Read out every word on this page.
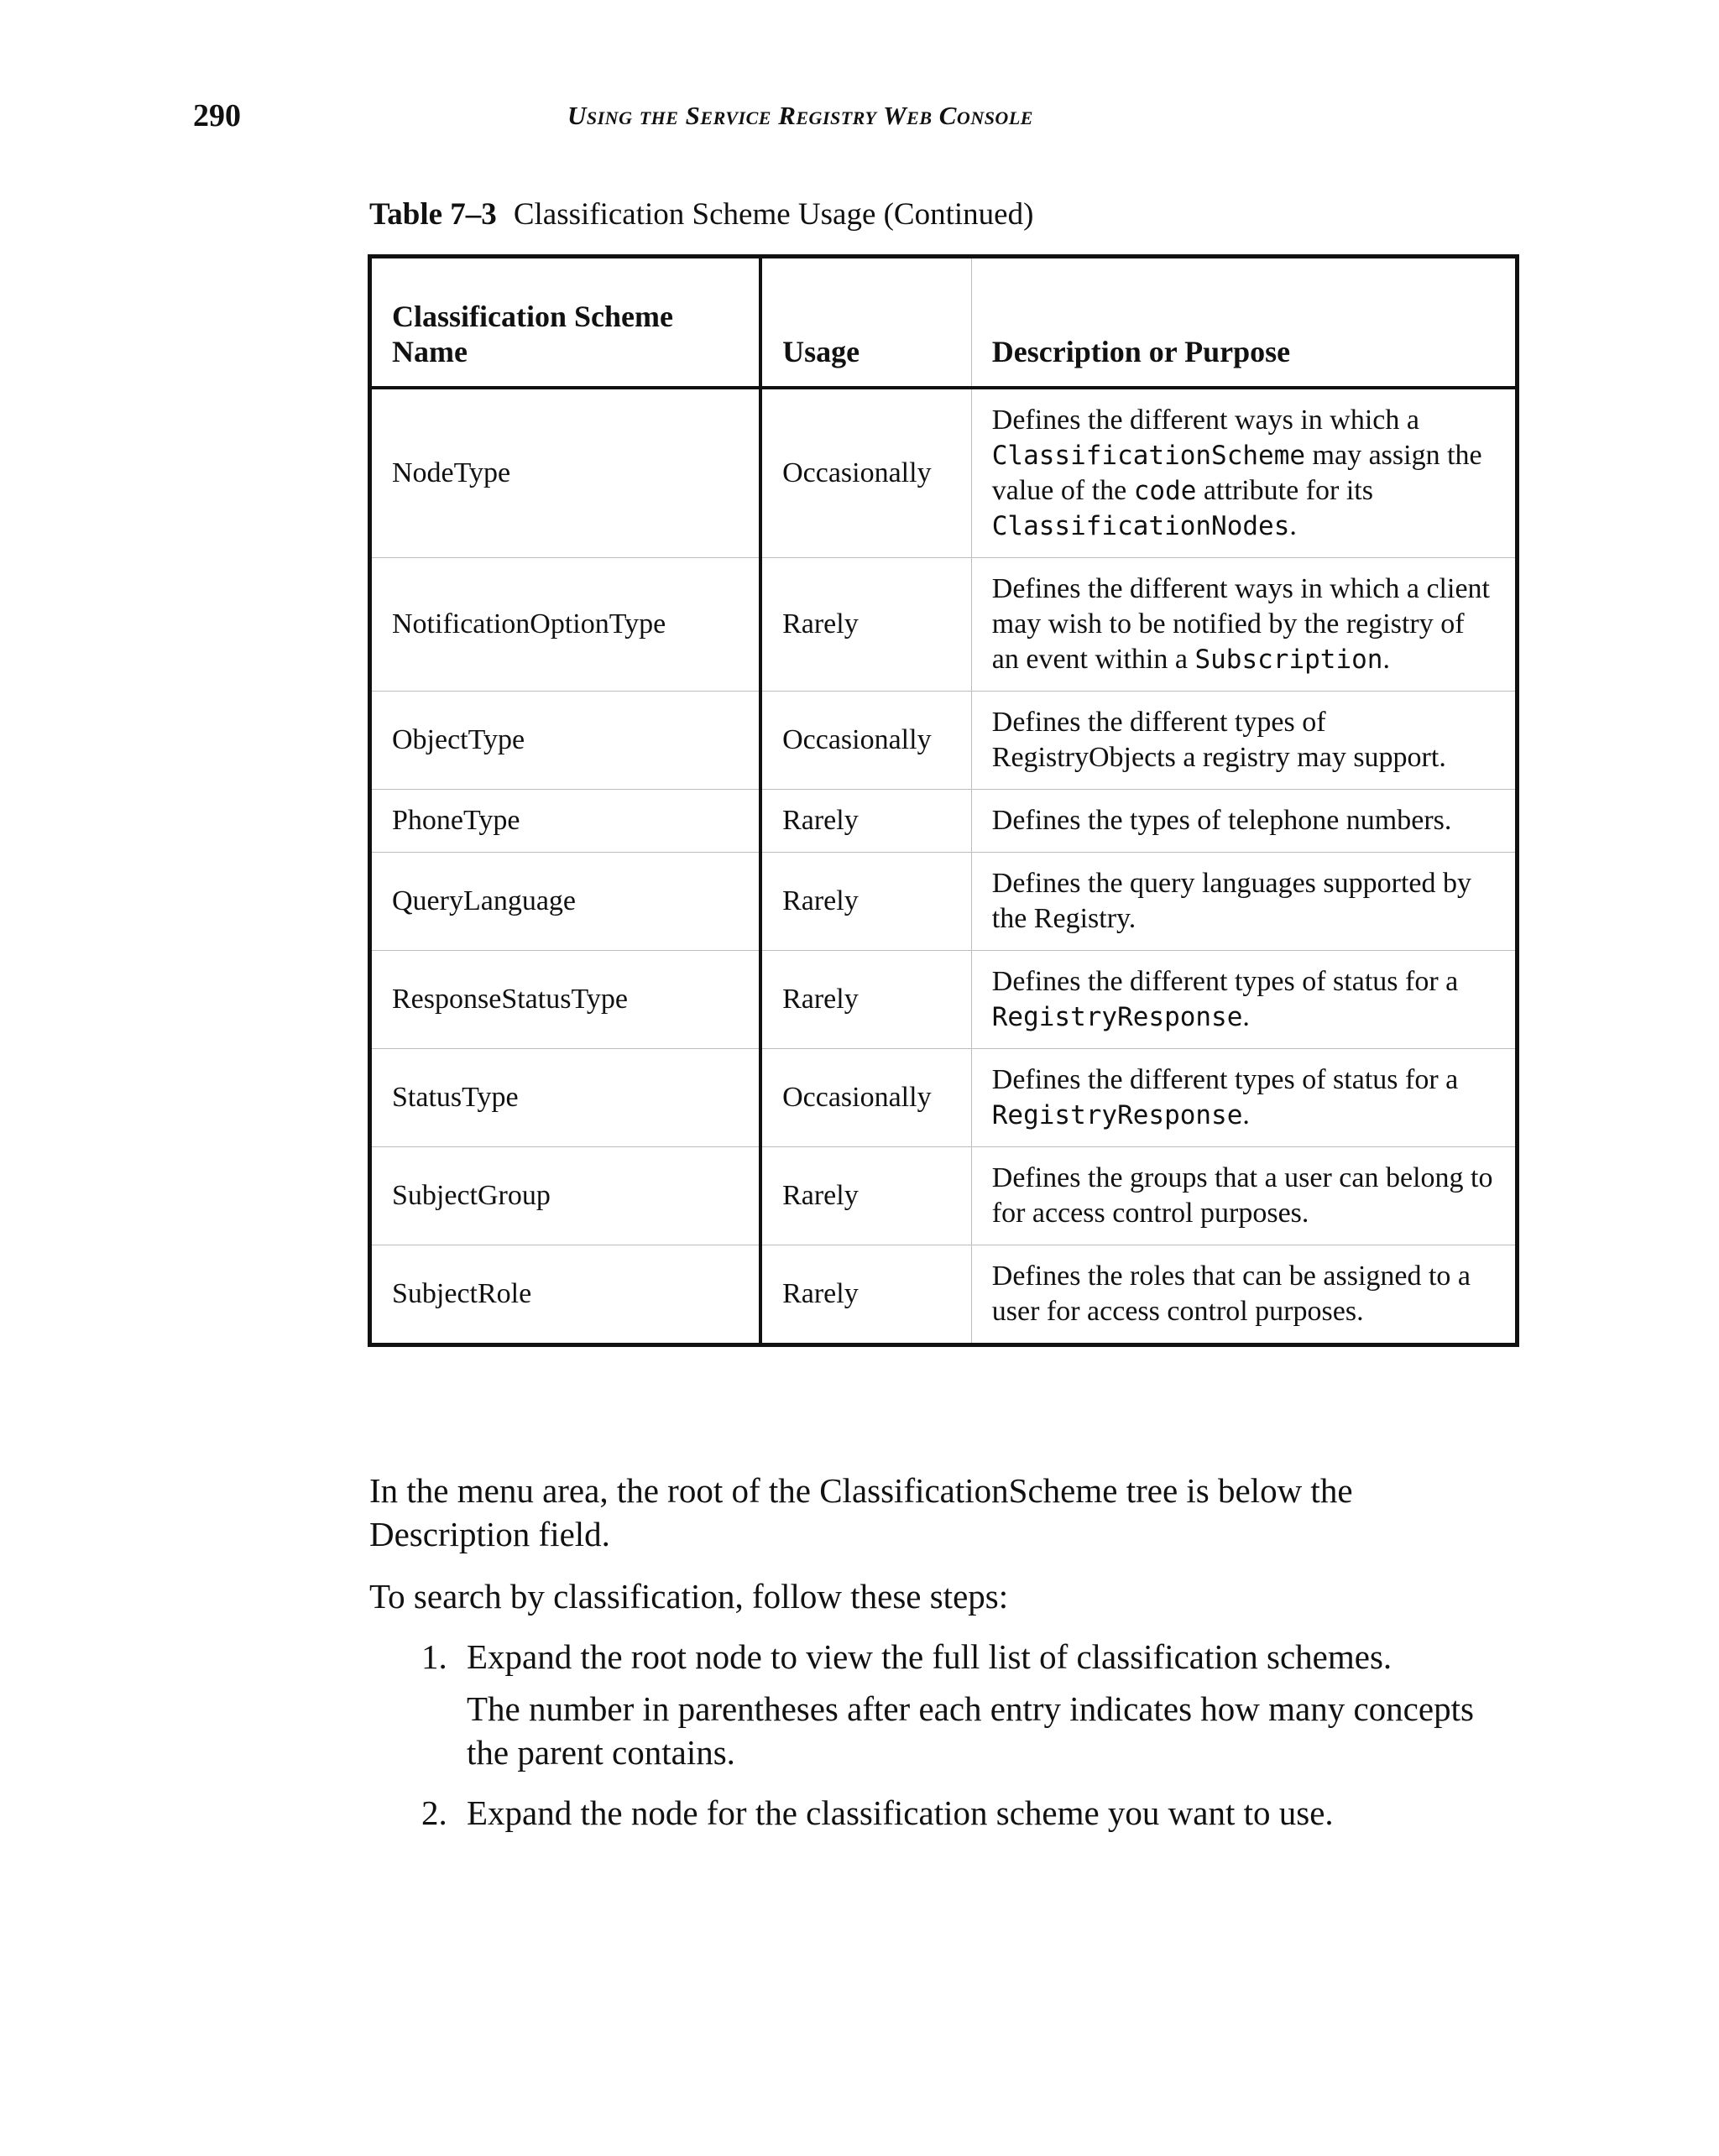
290	Using the Service Registry Web Console
Table 7–3 Classification Scheme Usage (Continued)
Classification Scheme Name	Usage	Description or Purpose
NodeType	Occasionally	Defines the different ways in which a ClassificationScheme may assign the value of the code attribute for its ClassificationNodes.
NotificationOptionType	Rarely	Defines the different ways in which a client may wish to be notified by the registry of an event within a Subscription.
ObjectType	Occasionally	Defines the different types of RegistryObjects a registry may support.
PhoneType	Rarely	Defines the types of telephone numbers.
QueryLanguage	Rarely	Defines the query languages supported by the Registry.
ResponseStatusType	Rarely	Defines the different types of status for a RegistryResponse.
StatusType	Occasionally	Defines the different types of status for a RegistryResponse.
SubjectGroup	Rarely	Defines the groups that a user can belong to for access control purposes.
SubjectRole	Rarely	Defines the roles that can be assigned to a user for access control purposes.

In the menu area, the root of the ClassificationScheme tree is below the Description field.

To search by classification, follow these steps:

1. Expand the root node to view the full list of classification schemes.
The number in parentheses after each entry indicates how many concepts the parent contains.
2. Expand the node for the classification scheme you want to use.
